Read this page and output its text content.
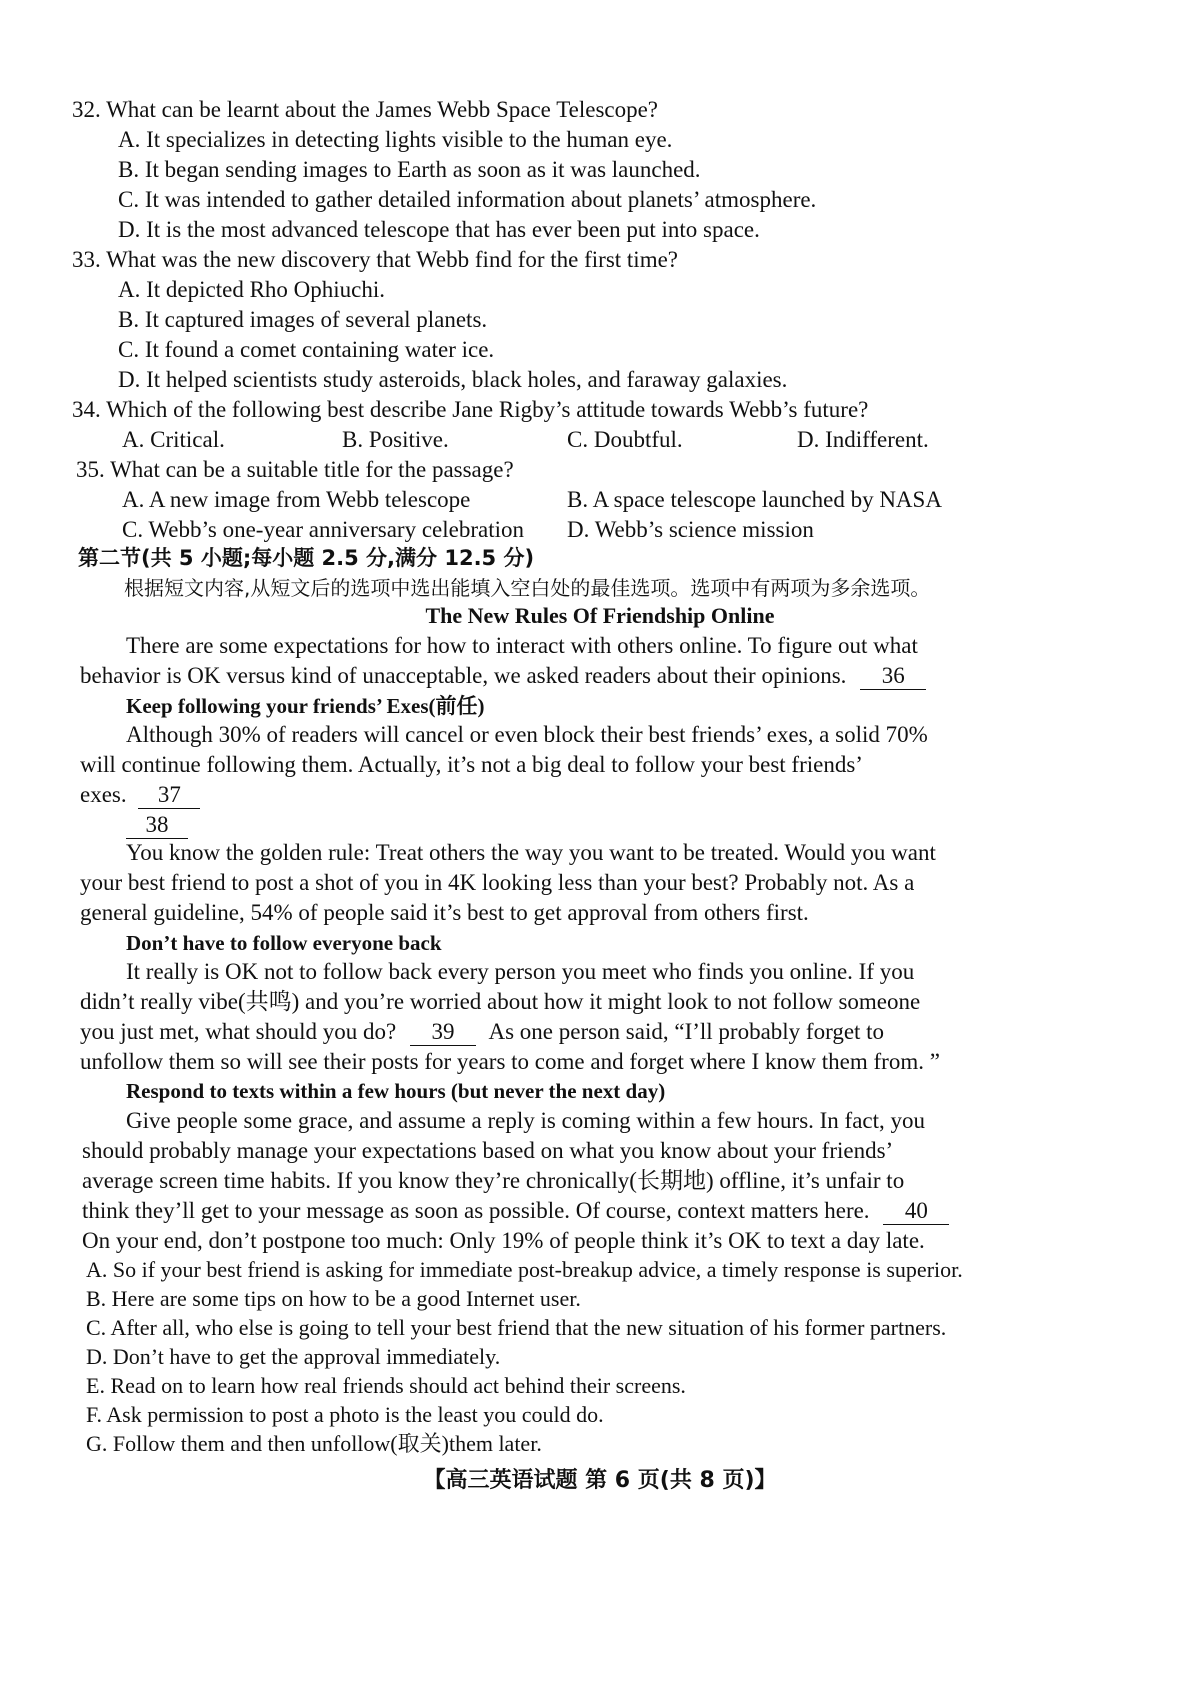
32. What can be learnt about the James Webb Space Telescope?
A. It specializes in detecting lights visible to the human eye.
B. It began sending images to Earth as soon as it was launched.
C. It was intended to gather detailed information about planets’ atmosphere.
D. It is the most advanced telescope that has ever been put into space.
33. What was the new discovery that Webb find for the first time?
A. It depicted Rho Ophiuchi.
B. It captured images of several planets.
C. It found a comet containing water ice.
D. It helped scientists study asteroids, black holes, and faraway galaxies.
34. Which of the following best describe Jane Rigby’s attitude towards Webb’s future?
A. Critical.	B. Positive.	C. Doubtful.	D. Indifferent.
35. What can be a suitable title for the passage?
A. A new image from Webb telescope	B. A space telescope launched by NASA
C. Webb’s one-year anniversary celebration D. Webb’s science mission
第二节(共 5 小题;每小题 2.5 分,满分 12.5 分)
根据短文内容,从短文后的选项中选出能填入空白处的最佳选项。选项中有两项为多余选项。
The New Rules Of Friendship Online
There are some expectations for how to interact with others online. To figure out what
behavior is OK versus kind of unacceptable, we asked readers about their opinions. 36
Keep following your friends’ Exes(前任)
Although 30% of readers will cancel or even block their best friends’ exes, a solid 70%
will continue following them. Actually, it’s not a big deal to follow your best friends’
exes. 37
38
You know the golden rule: Treat others the way you want to be treated. Would you want
your best friend to post a shot of you in 4K looking less than your best? Probably not. As a
general guideline, 54% of people said it’s best to get approval from others first.
Don’t have to follow everyone back
It really is OK not to follow back every person you meet who finds you online. If you
didn’t really vibe(共鸣) and you’re worried about how it might look to not follow someone
you just met, what should you do? 39 As one person said, “I’ll probably forget to
unfollow them so will see their posts for years to come and forget where I know them from. ”
Respond to texts within a few hours (but never the next day)
Give people some grace, and assume a reply is coming within a few hours. In fact, you
should probably manage your expectations based on what you know about your friends’
average screen time habits. If you know they’re chronically(长期地) offline, it’s unfair to
think they’ll get to your message as soon as possible. Of course, context matters here. 40
On your end, don’t postpone too much: Only 19% of people think it’s OK to text a day late.
A. So if your best friend is asking for immediate post-breakup advice, a timely response is superior.
B. Here are some tips on how to be a good Internet user.
C. After all, who else is going to tell your best friend that the new situation of his former partners.
D. Don’t have to get the approval immediately.
E. Read on to learn how real friends should act behind their screens.
F. Ask permission to post a photo is the least you could do.
G. Follow them and then unfollow(取关)them later.
【高三英语试题 第 6 页(共 8 页)】
